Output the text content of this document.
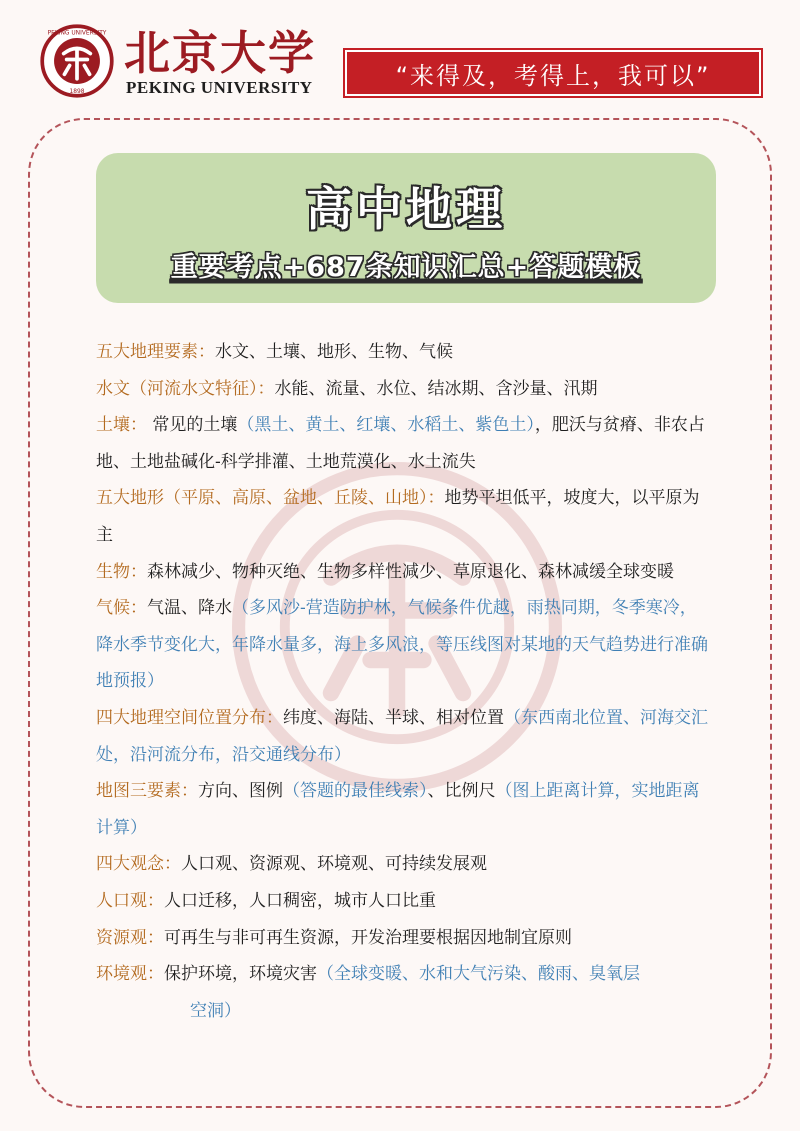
PEKING UNIVERSITY
1898
北京大学
PEKING UNIVERSITY	“来得及，考得上，我可以”
高中地理
重要考点+687条知识汇总+答题模板

五大地理要素：水文、土壤、地形、生物、气候

水文（河流水文特征）：水能、流量、水位、结冰期、含沙量、汛期

土壤： 常见的土壤（黑土、黄土、红壤、水稻土、紫色土），肥沃与贫瘠、非农占地、土地盐碱化-科学排灌、土地荒漠化、水土流失

五大地形（平原、高原、盆地、丘陵、山地）：地势平坦低平，坡度大，以平原为主

生物：森林减少、物种灭绝、生物多样性减少、草原退化、森林减缓全球变暖

气候：气温、降水（多风沙-营造防护林，气候条件优越，雨热同期，冬季寒冷，降水季节变化大，年降水量多，海上多风浪，等压线图对某地的天气趋势进行准确地预报）

四大地理空间位置分布：纬度、海陆、半球、相对位置（东西南北位置、河海交汇处，沿河流分布，沿交通线分布）

地图三要素：方向、图例（答题的最佳线索）、比例尺（图上距离计算，实地距离计算）

四大观念：人口观、资源观、环境观、可持续发展观

人口观：人口迁移，人口稠密，城市人口比重

资源观：可再生与非可再生资源，开发治理要根据因地制宜原则

环境观：保护环境，环境灾害（全球变暖、水和大气污染、酸雨、臭氧层

空洞）
